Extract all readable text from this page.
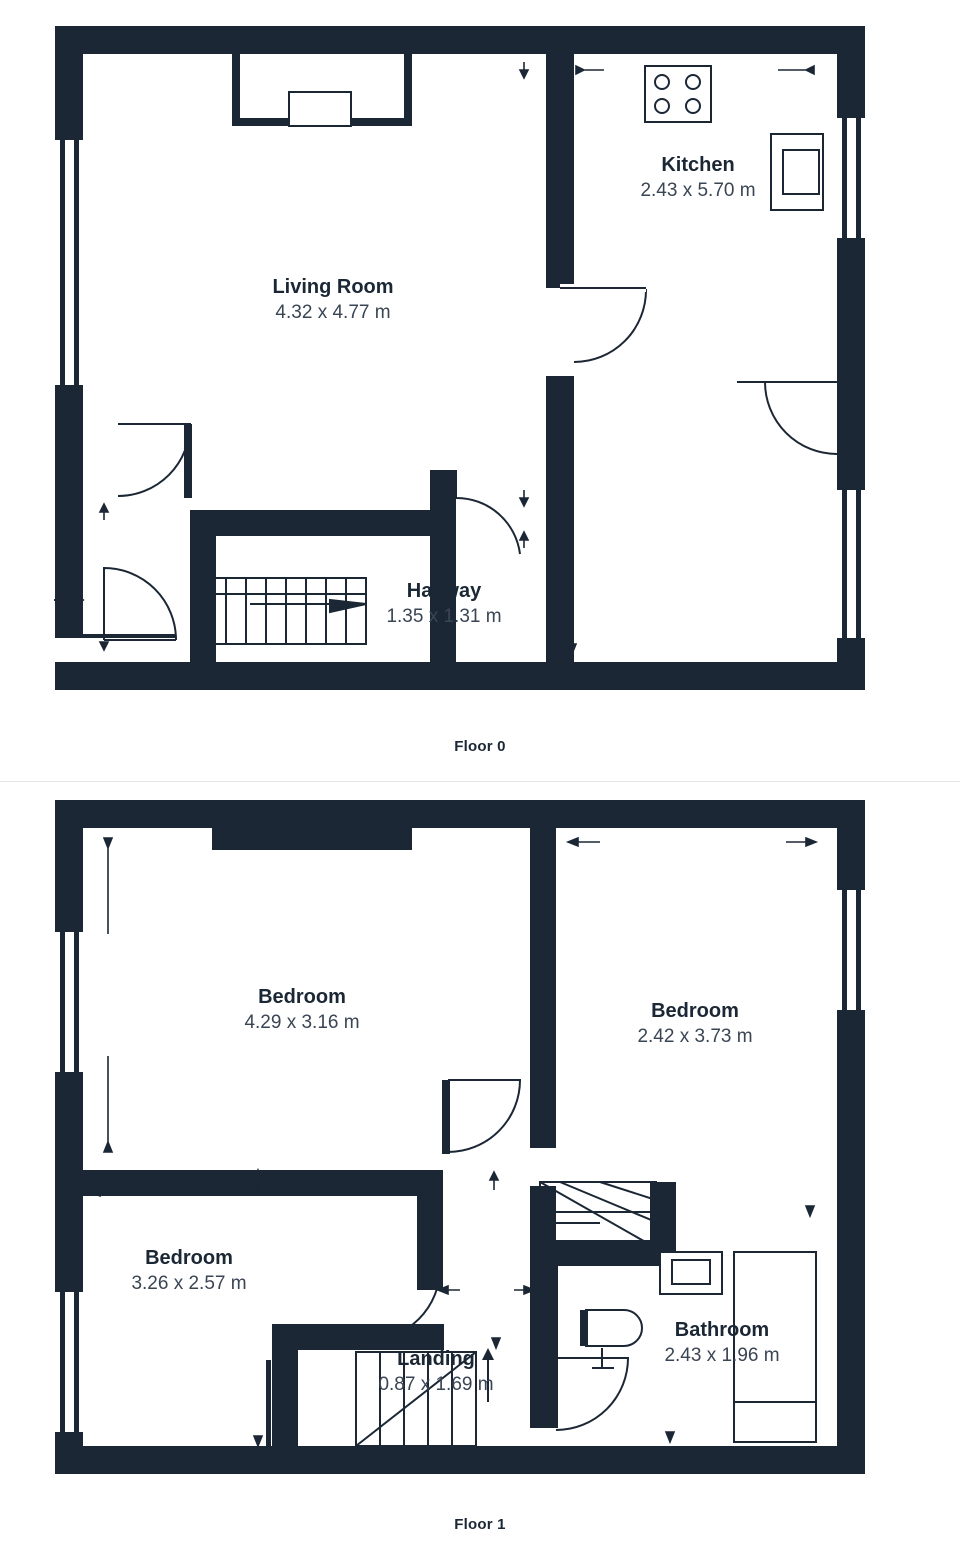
Living Room
4.32 x 4.77 m
Kitchen
2.43 x 5.70 m
Hallway
1.35 x 1.31 m
Floor 0
Bedroom
4.29 x 3.16 m
Bedroom
2.42 x 3.73 m
Bedroom
3.26 x 2.57 m
Bathroom
2.43 x 1.96 m
Landing
0.87 x 1.69 m
Floor 1
